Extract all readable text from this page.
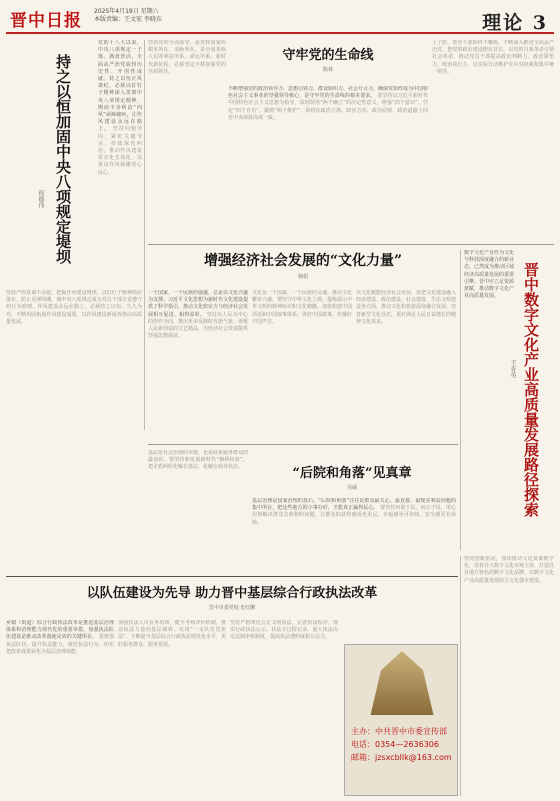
晋中日报 2025年4月19日 星期六
本版责编：王文宏 李晓东	理论 3
持之以恒加固中央八项规定堤坝
程德伟
党的十八大以来，中央八项规定一子落、满盘皆活，全面从严治党取得历史性、开创性成就。持之以恒正风肃纪，必须以钉钉子精神深入贯彻中央八项规定精神，锲而不舍纠治“四风”顽瘴痼疾，让作风建设永远在路上。 坚持问题导向，紧盯关键节点，持续深化纠治，推动作风建设常态化长效化，以优良作风凝聚党心民心。
坚持严的基调不动摇，把握作风建设规律，以钉钉子精神抓好落实，防止反弹回潮，使中央八项规定成为党员干部自觉遵守的行为准则。作风建设永远在路上，必须持之以恒、久久为功，不断巩固拓展作风建设成果，以作风建设新成效推动高质量发展。
坚持党的全面领导，是党和国家的根本所在、命脉所在，是全国各族人民的利益所系、命运所系。新时代新征程，必须坚定不移加强党的全面领导。
守牢党的生命线
陈林
不断增强党的政治领导力、思想引领力、群众组织力、社会号召力，确保党始终成为中国特色社会主义事业的坚强领导核心，是守牢党的生命线的根本要求。 要坚持以习近平新时代中国特色社会主义思想为指导，深刻领悟“两个确立”的决定性意义，增强“四个意识”、坚定“四个自信”、做到“两个维护”，始终在政治立场、政治方向、政治原则、政治道路上同党中央保持高度一致。
上了阵，领导干部始终不懈抓，不断深入推进全面从严治党，把党的政治建设摆在首位，以党的自我革命引领社会革命，推动党员干部提高政治判断力、政治领悟力、政治执行力，以实际行动维护党中央权威和集中统一领导。
增强经济社会发展的“文化力量”
杨娟
一个国家、一个民族的强盛，总是以文化兴盛为支撑。习近平文化思想为新时代文化建设提供了科学指引，推动文化软实力与经济社会发展相互促进、相得益彰。 坚持以人民为中心的创作导向，推出更多反映时代新气象、讴歌人民新创造的文艺精品，为经济社会发展提供坚强思想保证。
文化是一个国家、一个民族的灵魂。推动文化繁荣兴盛，要坚守中华文化立场，提炼展示中华文明的精神标识和文化精髓，加快构建中国话语和中国叙事体系，讲好中国故事、传播好中国声音。
以文化赋能经济社会发展，要把文化建设融入经济建设、政治建设、社会建设、生态文明建设各方面，推动文化和旅游深度融合发展，培育新型文化业态，更好满足人民日益增长的精神文化需求。
数字文化产业作为文化与科技深度融合的新业态，已然成为推动区域经济高质量发展的重要引擎。晋中应立足资源禀赋，推动数字文化产业高质量发展。	晋中数字文化产业高质量发展路径探索
王育英
基层是社会治理的末梢，也是联系服务群众的最前沿。要坚持和发展新时代“枫桥经验”，把矛盾纠纷化解在基层、化解在萌芽状态。	“后院和角落”见真章
吴威
基层治理是国家治理的基石。“后院和角落”往往是群众最关心、最直接、最现实利益问题的集中所在，把这些地方的小事办好，才能真正赢得民心。 要坚持问需于民、问计于民，用心用情解决群众急难愁盼问题，让群众的获得感成色更足、幸福感更可持续、安全感更有保障。
以队伍建设为先导 助力晋中基层综合行政执法改革
晋中市委党校 史红鹏
乡镇（街道）综合行政执法改革是推进基层治理体系和治理能力现代化的重要举措，加强执法队伍建设是推动改革落地见效的关键所在。 要建强执法队伍，提升执法能力，规范执法行为，切实把改革成果转化为基层治理效能。
加强执法人员业务培训，健全考核评价机制，推动执法力量向基层倾斜，实现“一支队伍管执法”，不断提升基层综合行政执法规范化水平，更好服务群众、服务发展。
坚持严格规范公正文明执法，完善执法程序，落实行政执法公示、执法全过程记录、重大执法决定法制审核制度，提高执法透明度和公信力。
主办：中共晋中市委宣传部
电话：0354—2636306
邮箱：jzsxcbllk@163.com
坚持创新驱动，加快推动文化资源数字化，培育壮大数字文化市场主体，打造具有地方特色的数字文化品牌，以数字文化产业高质量发展助力文化强市建设。
